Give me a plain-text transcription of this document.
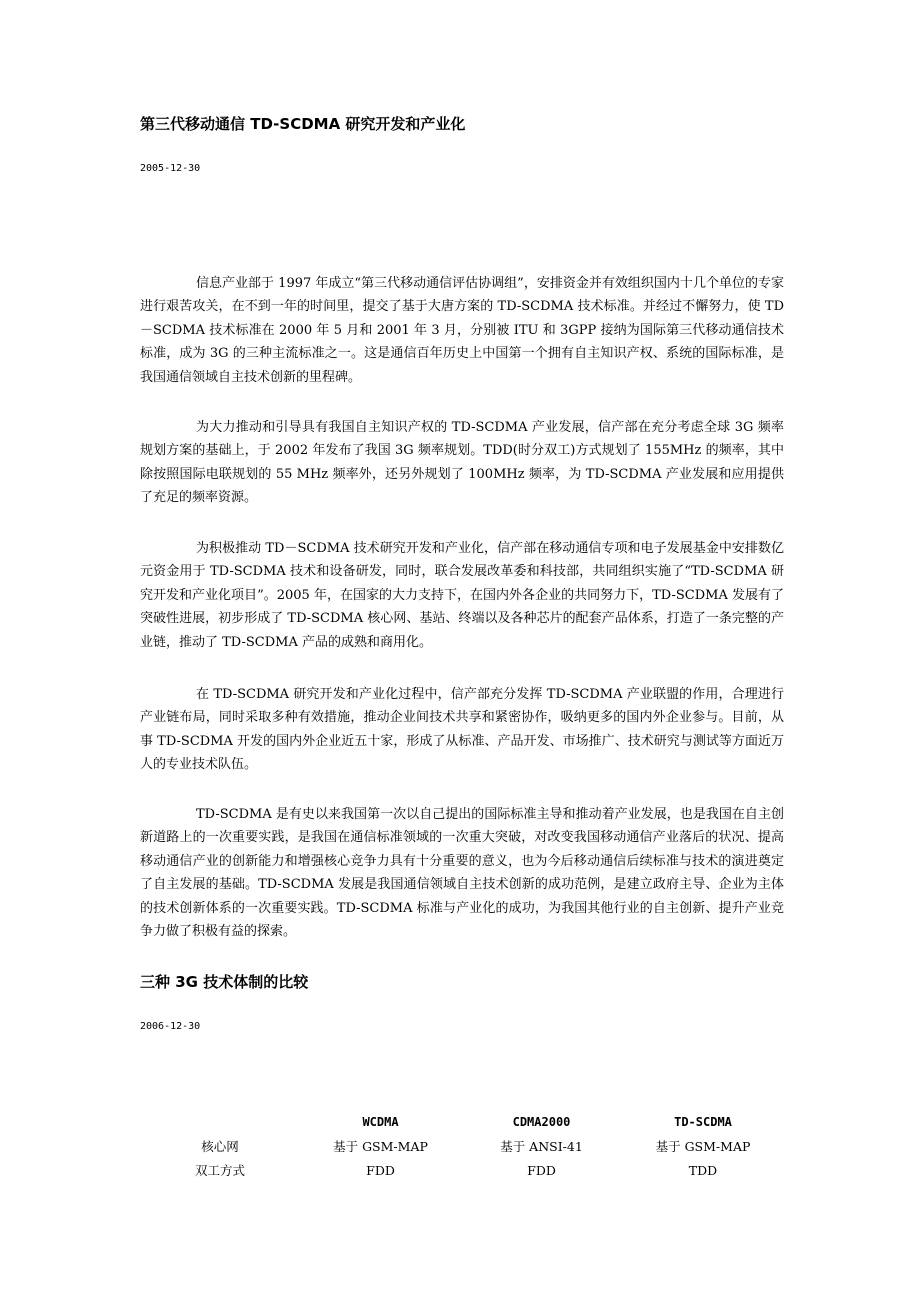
第三代移动通信 TD-SCDMA 研究开发和产业化
2005-12-30

信息产业部于 1997 年成立“第三代移动通信评估协调组”，安排资金并有效组织国内十几个单位的专家进行艰苦攻关，在不到一年的时间里，提交了基于大唐方案的 TD-SCDMA 技术标准。并经过不懈努力，使 TD－SCDMA 技术标准在 2000 年 5 月和 2001 年 3 月，分别被 ITU 和 3GPP 接纳为国际第三代移动通信技术标准，成为 3G 的三种主流标准之一。这是通信百年历史上中国第一个拥有自主知识产权、系统的国际标准，是我国通信领域自主技术创新的里程碑。

为大力推动和引导具有我国自主知识产权的 TD-SCDMA 产业发展，信产部在充分考虑全球 3G 频率规划方案的基础上，于 2002 年发布了我国 3G 频率规划。TDD(时分双工)方式规划了 155MHz 的频率，其中除按照国际电联规划的 55 MHz 频率外，还另外规划了 100MHz 频率，为 TD-SCDMA 产业发展和应用提供了充足的频率资源。

为积极推动 TD－SCDMA 技术研究开发和产业化，信产部在移动通信专项和电子发展基金中安排数亿元资金用于 TD-SCDMA 技术和设备研发，同时，联合发展改革委和科技部，共同组织实施了“TD-SCDMA 研究开发和产业化项目”。2005 年，在国家的大力支持下，在国内外各企业的共同努力下，TD-SCDMA 发展有了突破性进展，初步形成了 TD-SCDMA 核心网、基站、终端以及各种芯片的配套产品体系，打造了一条完整的产业链，推动了 TD-SCDMA 产品的成熟和商用化。

在 TD-SCDMA 研究开发和产业化过程中，信产部充分发挥 TD-SCDMA 产业联盟的作用，合理进行产业链布局，同时采取多种有效措施，推动企业间技术共享和紧密协作，吸纳更多的国内外企业参与。目前，从事 TD-SCDMA 开发的国内外企业近五十家，形成了从标准、产品开发、市场推广、技术研究与测试等方面近万人的专业技术队伍。

TD-SCDMA 是有史以来我国第一次以自己提出的国际标准主导和推动着产业发展，也是我国在自主创新道路上的一次重要实践，是我国在通信标准领域的一次重大突破，对改变我国移动通信产业落后的状况、提高移动通信产业的创新能力和增强核心竞争力具有十分重要的意义，也为今后移动通信后续标准与技术的演进奠定了自主发展的基础。TD-SCDMA 发展是我国通信领域自主技术创新的成功范例，是建立政府主导、企业为主体的技术创新体系的一次重要实践。TD-SCDMA 标准与产业化的成功，为我国其他行业的自主创新、提升产业竞争力做了积极有益的探索。

三种 3G 技术体制的比较
2006-12-30
	WCDMA	CDMA2000	TD-SCDMA
核心网	基于 GSM-MAP	基于 ANSI-41	基于 GSM-MAP
双工方式	FDD	FDD	TDD
